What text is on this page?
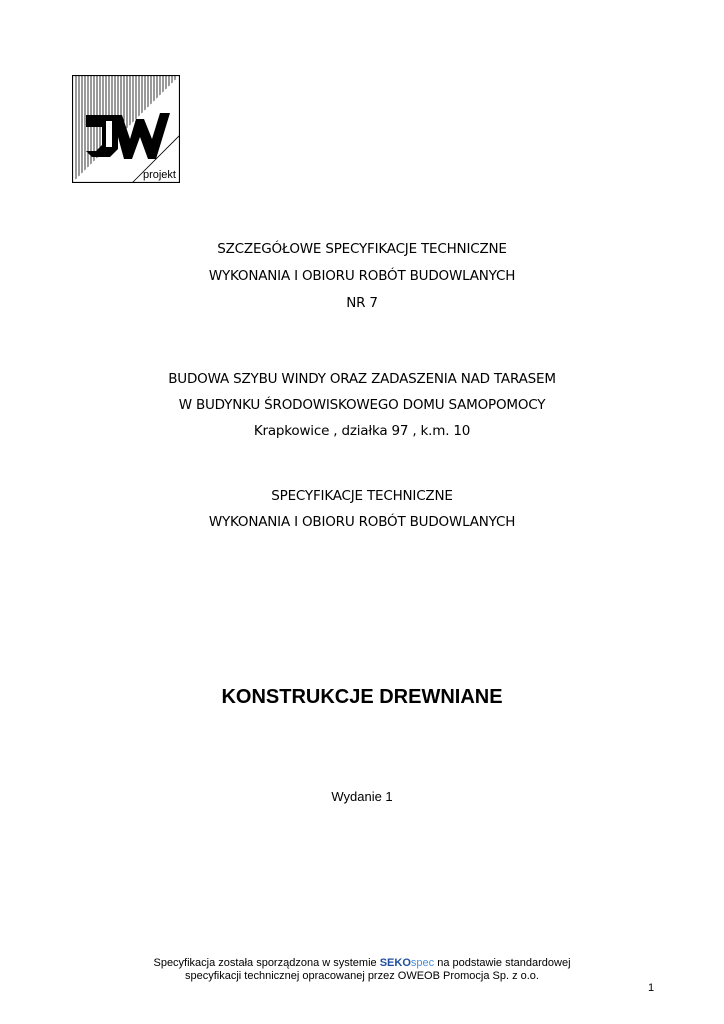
projekt
SZCZEGÓŁOWE SPECYFIKACJE TECHNICZNE
WYKONANIA I OBIORU ROBÓT BUDOWLANYCH
NR 7
BUDOWA SZYBU WINDY ORAZ ZADASZENIA NAD TARASEM
W BUDYNKU ŚRODOWISKOWEGO DOMU SAMOPOMOCY
Krapkowice , działka 97 , k.m. 10
SPECYFIKACJE TECHNICZNE
WYKONANIA I OBIORU ROBÓT BUDOWLANYCH
KONSTRUKCJE DREWNIANE
Wydanie 1
Specyfikacja została sporządzona w systemie SEKOspec na podstawie standardowej
specyfikacji technicznej opracowanej przez OWEOB Promocja Sp. z o.o.
1
